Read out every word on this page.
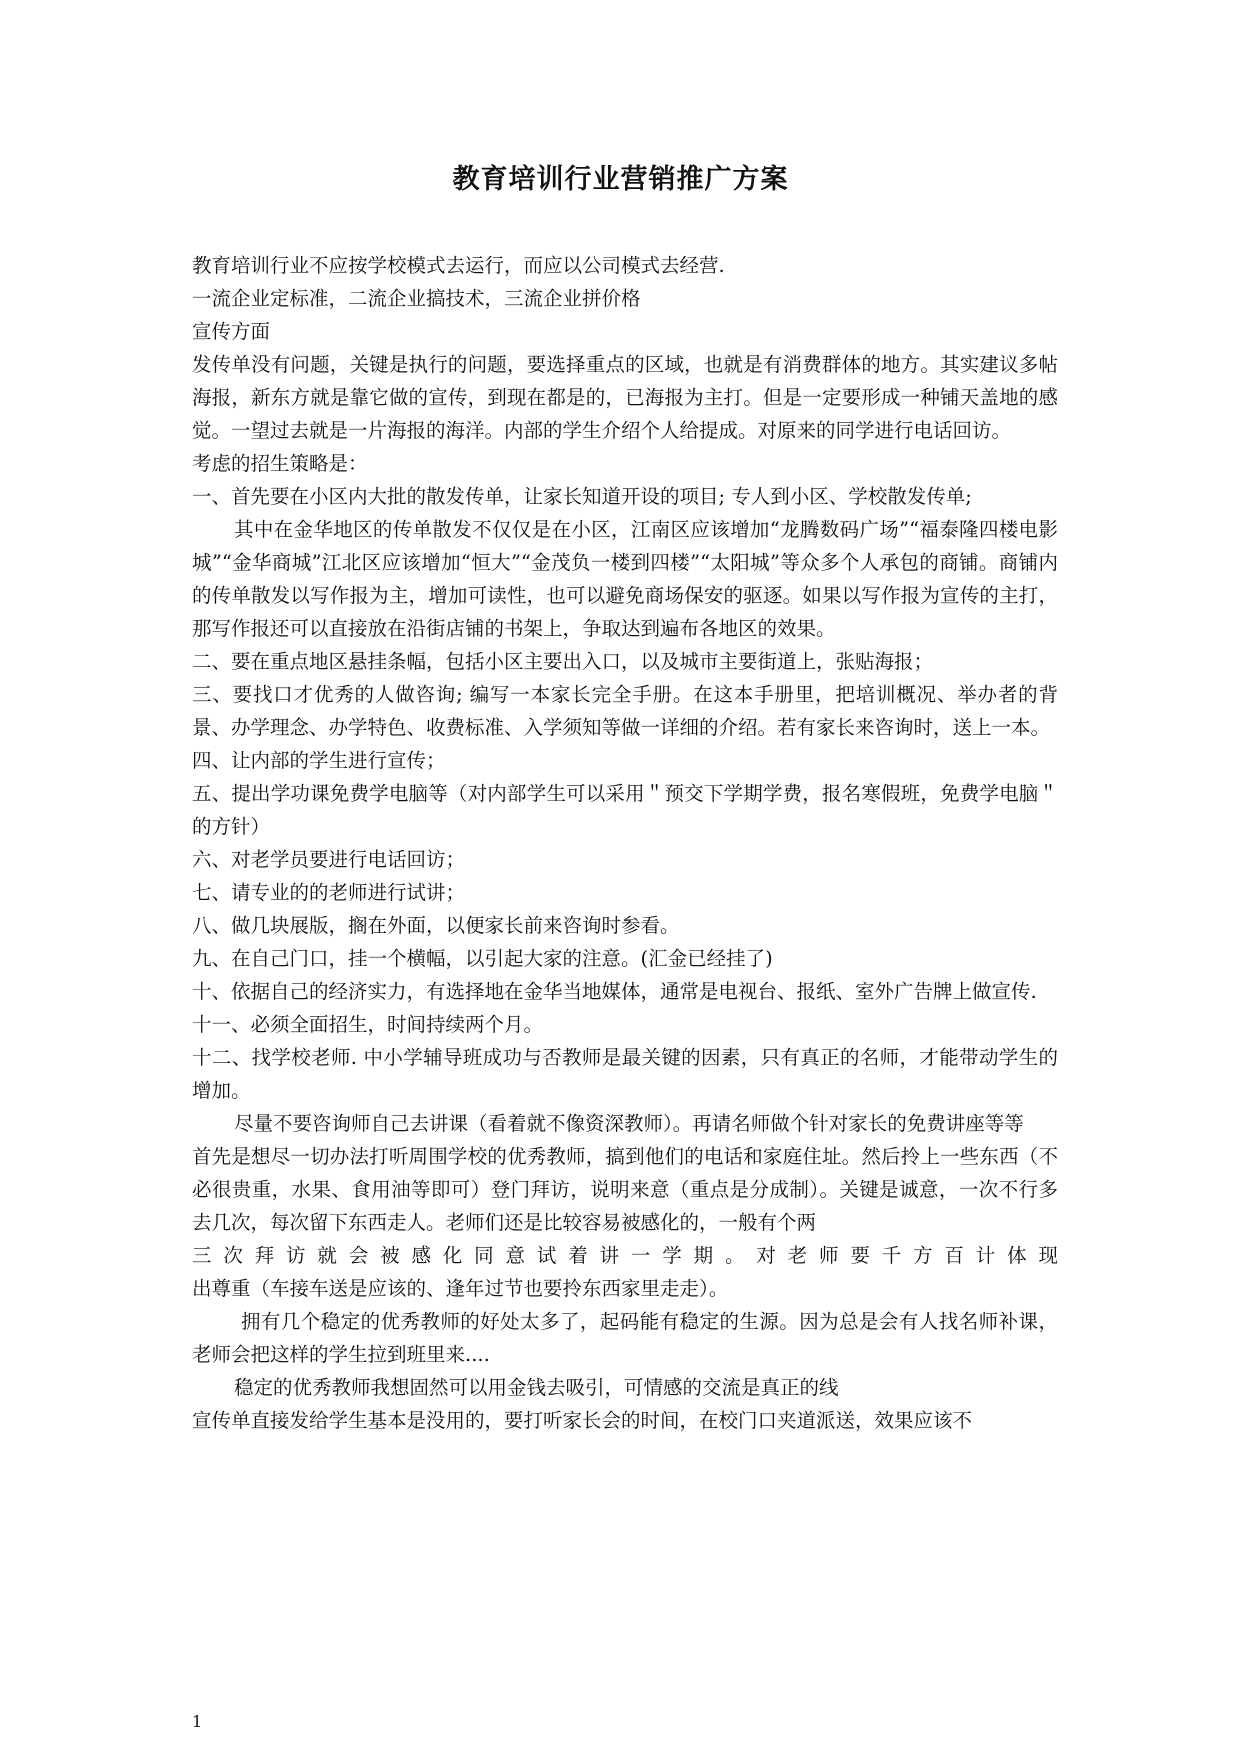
教育培训行业营销推广方案

教育培训行业不应按学校模式去运行，而应以公司模式去经营.

一流企业定标准，二流企业搞技术，三流企业拼价格

宣传方面

发传单没有问题，关键是执行的问题，要选择重点的区域，也就是有消费群体的地方。其实建议多帖海报，新东方就是靠它做的宣传，到现在都是的，已海报为主打。但是一定要形成一种铺天盖地的感觉。一望过去就是一片海报的海洋。内部的学生介绍个人给提成。对原来的同学进行电话回访。

考虑的招生策略是：

一、首先要在小区内大批的散发传单，让家长知道开设的项目; 专人到小区、学校散发传单;

其中在金华地区的传单散发不仅仅是在小区，江南区应该增加“龙腾数码广场”“福泰隆四楼电影城”“金华商城”江北区应该增加“恒大”“金茂负一楼到四楼”“太阳城”等众多个人承包的商铺。商铺内的传单散发以写作报为主，增加可读性，也可以避免商场保安的驱逐。如果以写作报为宣传的主打，那写作报还可以直接放在沿街店铺的书架上，争取达到遍布各地区的效果。

二、要在重点地区悬挂条幅，包括小区主要出入口，以及城市主要街道上，张贴海报；

三、要找口才优秀的人做咨询; 编写一本家长完全手册。在这本手册里，把培训概况、举办者的背景、办学理念、办学特色、收费标准、入学须知等做一详细的介绍。若有家长来咨询时，送上一本。

四、让内部的学生进行宣传；

五、提出学功课免费学电脑等（对内部学生可以采用＂预交下学期学费，报名寒假班，免费学电脑＂的方针）

六、对老学员要进行电话回访；

七、请专业的的老师进行试讲；

八、做几块展版，搁在外面，以便家长前来咨询时参看。

九、在自己门口，挂一个横幅，以引起大家的注意。(汇金已经挂了)

十、依据自己的经济实力，有选择地在金华当地媒体，通常是电视台、报纸、室外广告牌上做宣传.

十一、必须全面招生，时间持续两个月。

十二、找学校老师. 中小学辅导班成功与否教师是最关键的因素，只有真正的名师，才能带动学生的增加。

尽量不要咨询师自己去讲课（看着就不像资深教师）。再请名师做个针对家长的免费讲座等等

首先是想尽一切办法打听周围学校的优秀教师，搞到他们的电话和家庭住址。然后拎上一些东西（不必很贵重，水果、食用油等即可）登门拜访，说明来意（重点是分成制）。关键是诚意，一次不行多去几次，每次留下东西走人。老师们还是比较容易被感化的，一般有个两

三次拜访就会被感化同意试着讲一学期。对老师要千方百计体现

出尊重（车接车送是应该的、逢年过节也要拎东西家里走走）。

拥有几个稳定的优秀教师的好处太多了，起码能有稳定的生源。因为总是会有人找名师补课，老师会把这样的学生拉到班里来....

稳定的优秀教师我想固然可以用金钱去吸引，可情感的交流是真正的线

宣传单直接发给学生基本是没用的，要打听家长会的时间，在校门口夹道派送，效果应该不

1
